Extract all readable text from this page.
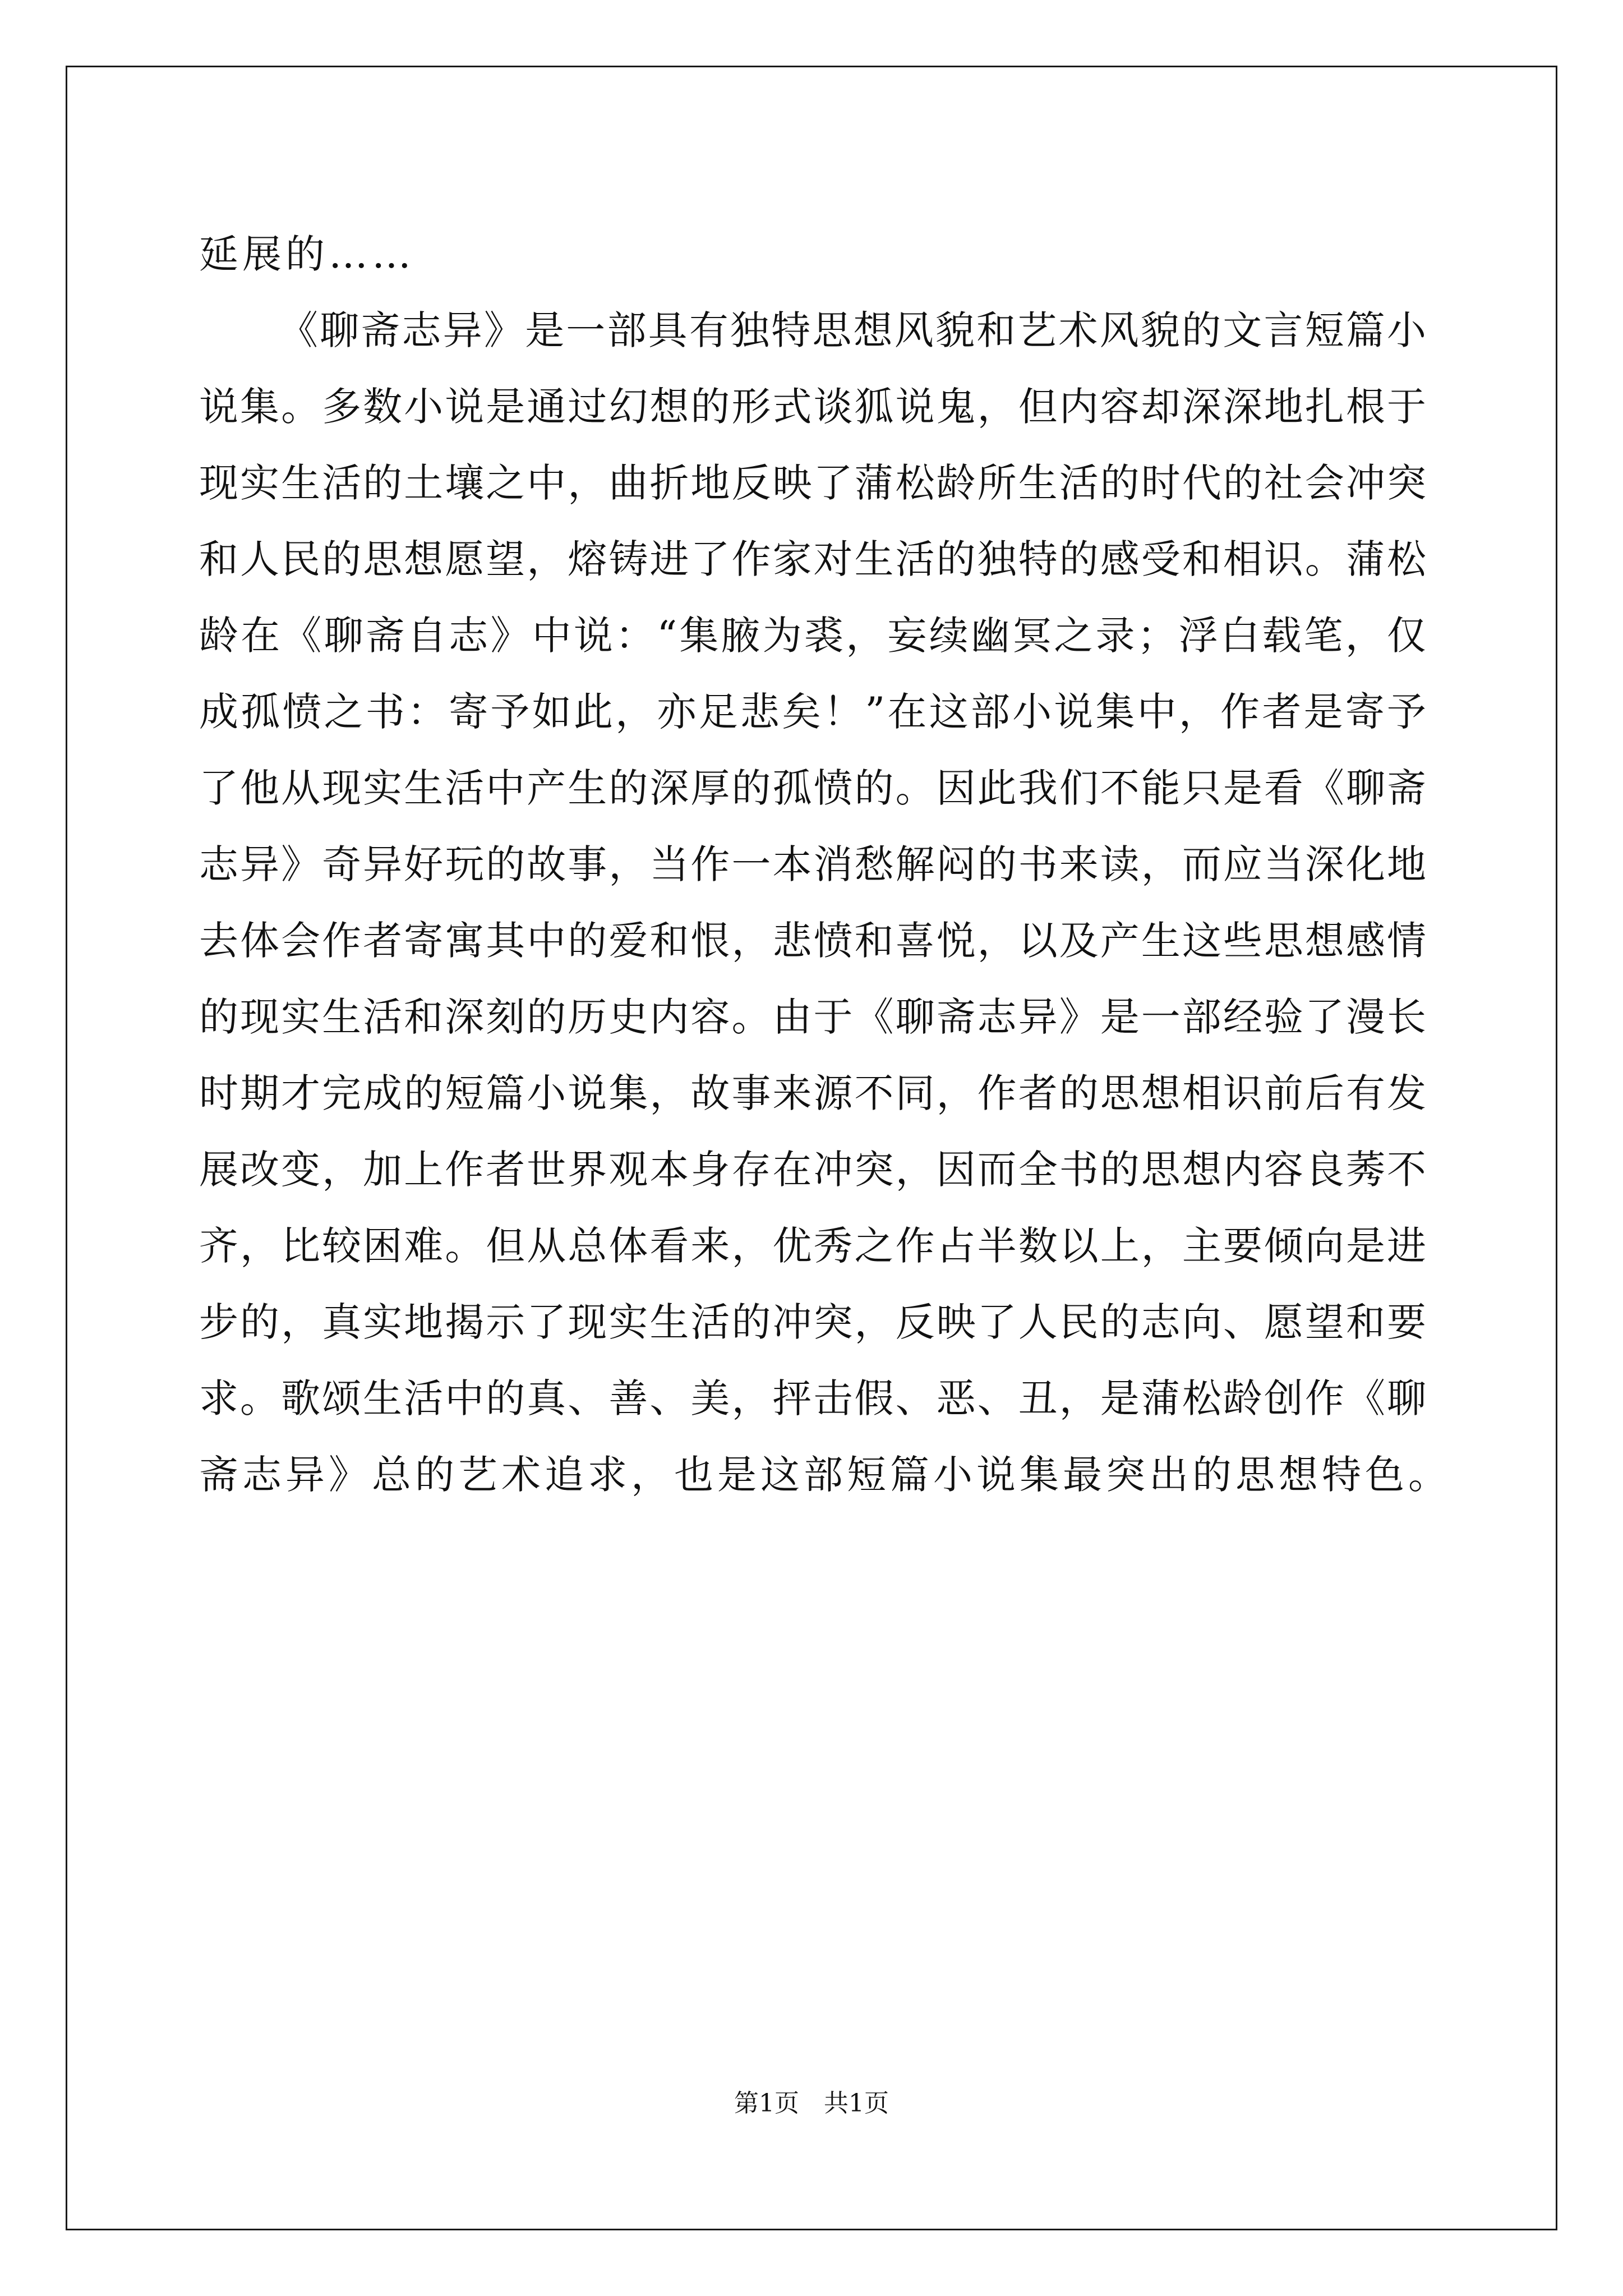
延展的……
《聊斋志异》是一部具有独特思想风貌和艺术风貌的文言短篇小
说集。多数小说是通过幻想的形式谈狐说鬼，但内容却深深地扎根于
现实生活的土壤之中，曲折地反映了蒲松龄所生活的时代的社会冲突
和人民的思想愿望，熔铸进了作家对生活的独特的感受和相识。蒲松
龄在《聊斋自志》中说：“集腋为裘，妄续幽冥之录；浮白载笔，仅
成孤愤之书：寄予如此，亦足悲矣！”在这部小说集中，作者是寄予
了他从现实生活中产生的深厚的孤愤的。因此我们不能只是看《聊斋
志异》奇异好玩的故事，当作一本消愁解闷的书来读，而应当深化地
去体会作者寄寓其中的爱和恨，悲愤和喜悦，以及产生这些思想感情
的现实生活和深刻的历史内容。由于《聊斋志异》是一部经验了漫长
时期才完成的短篇小说集，故事来源不同，作者的思想相识前后有发
展改变，加上作者世界观本身存在冲突，因而全书的思想内容良莠不
齐，比较困难。但从总体看来，优秀之作占半数以上，主要倾向是进
步的，真实地揭示了现实生活的冲突，反映了人民的志向、愿望和要
求。歌颂生活中的真、善、美，抨击假、恶、丑，是蒲松龄创作《聊
斋志异》总的艺术追求，也是这部短篇小说集最突出的思想特色。
第1页　共1页
